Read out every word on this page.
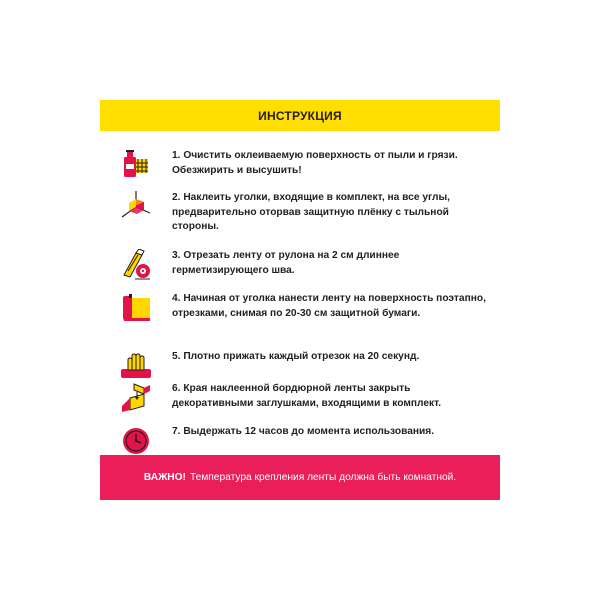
ИНСТРУКЦИЯ
1. Очистить оклеиваемую поверхность от пыли и грязи. Обезжирить и высушить!
2. Наклеить уголки, входящие в комплект, на все углы, предварительно оторвав защитную плёнку с тыльной стороны.
3. Отрезать ленту от рулона на 2 см длиннее герметизирующего шва.
4. Начиная от уголка нанести ленту на поверхность поэтапно, отрезками, снимая по 20-30 см защитной бумаги.
5. Плотно прижать каждый отрезок на 20 секунд.
6. Края наклеенной бордюрной ленты закрыть декоративными заглушками, входящими в комплект.
7. Выдержать 12 часов до момента использования.
ВАЖНО! Температура крепления ленты должна быть комнатной.
